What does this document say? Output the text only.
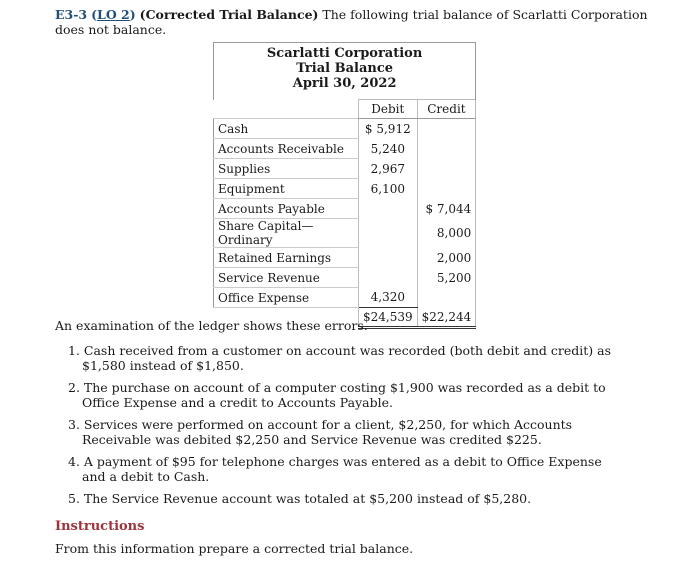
E3-3 (LO 2) (Corrected Trial Balance) The following trial balance of Scarlatti Corporation does not balance.
Scarlatti Corporation
Trial Balance
April 30, 2022		

	Debit	Credit
Cash	$ 5,912	
Accounts Receivable	5,240	
Supplies	2,967	
Equipment	6,100	
Accounts Payable		$ 7,044
Share Capital—Ordinary		8,000
Retained Earnings		2,000
Service Revenue		5,200
Office Expense	4,320	
	$24,539	$22,244
An examination of the ledger shows these errors.
1. Cash received from a customer on account was recorded (both debit and credit) as $1,580 instead of $1,850.
2. The purchase on account of a computer costing $1,900 was recorded as a debit to Office Expense and a credit to Accounts Payable.
3. Services were performed on account for a client, $2,250, for which Accounts Receivable was debited $2,250 and Service Revenue was credited $225.
4. A payment of $95 for telephone charges was entered as a debit to Office Expense and a debit to Cash.
5. The Service Revenue account was totaled at $5,200 instead of $5,280.
Instructions
From this information prepare a corrected trial balance.
